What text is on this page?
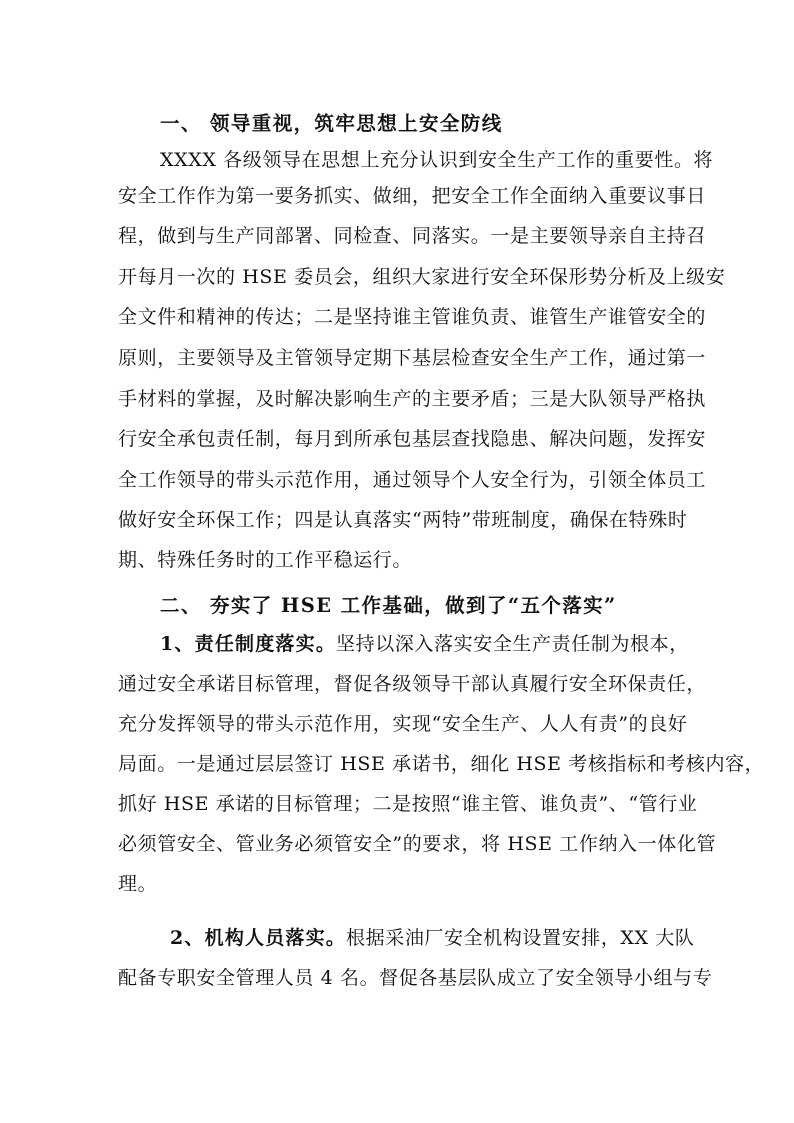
一、 领导重视，筑牢思想上安全防线
XXXX 各级领导在思想上充分认识到安全生产工作的重要性。将
安全工作作为第一要务抓实、做细，把安全工作全面纳入重要议事日
程，做到与生产同部署、同检查、同落实。一是主要领导亲自主持召
开每月一次的 HSE 委员会，组织大家进行安全环保形势分析及上级安
全文件和精神的传达；二是坚持谁主管谁负责、谁管生产谁管安全的
原则，主要领导及主管领导定期下基层检查安全生产工作，通过第一
手材料的掌握，及时解决影响生产的主要矛盾；三是大队领导严格执
行安全承包责任制，每月到所承包基层查找隐患、解决问题，发挥安
全工作领导的带头示范作用，通过领导个人安全行为，引领全体员工
做好安全环保工作；四是认真落实“两特”带班制度，确保在特殊时
期、特殊任务时的工作平稳运行。
二、 夯实了 HSE 工作基础，做到了“五个落实”
1、责任制度落实。坚持以深入落实安全生产责任制为根本，
通过安全承诺目标管理，督促各级领导干部认真履行安全环保责任，
充分发挥领导的带头示范作用，实现“安全生产、人人有责”的良好
局面。一是通过层层签订 HSE 承诺书，细化 HSE 考核指标和考核内容，
抓好 HSE 承诺的目标管理；二是按照“谁主管、谁负责”、“管行业
必须管安全、管业务必须管安全”的要求，将 HSE 工作纳入一体化管
理。
2、机构人员落实。根据采油厂安全机构设置安排，XX 大队
配备专职安全管理人员 4 名。督促各基层队成立了安全领导小组与专
